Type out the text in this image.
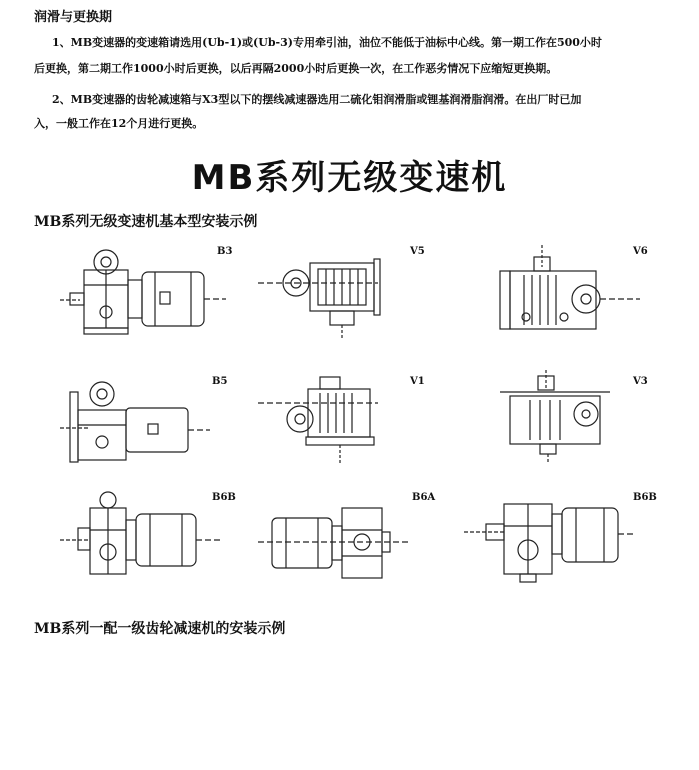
润滑与更换期
1、MB变速器的变速箱请选用(Ub-1)或(Ub-3)专用牵引油，油位不能低于油标中心线。第一期工作在500小时
后更换，第二期工作1000小时后更换，以后再隔2000小时后更换一次，在工作恶劣情况下应缩短更换期。
2、MB变速器的齿轮减速箱与X3型以下的摆线减速器选用二硫化钼润滑脂或锂基润滑脂润滑。在出厂时已加
入，一般工作在12个月进行更换。
MB系列无级变速机
MB系列无级变速机基本型安装示例
B3	V5	V6
B5	V1	V3
B6B	B6A	B6B
MB系列一配一级齿轮减速机的安装示例
